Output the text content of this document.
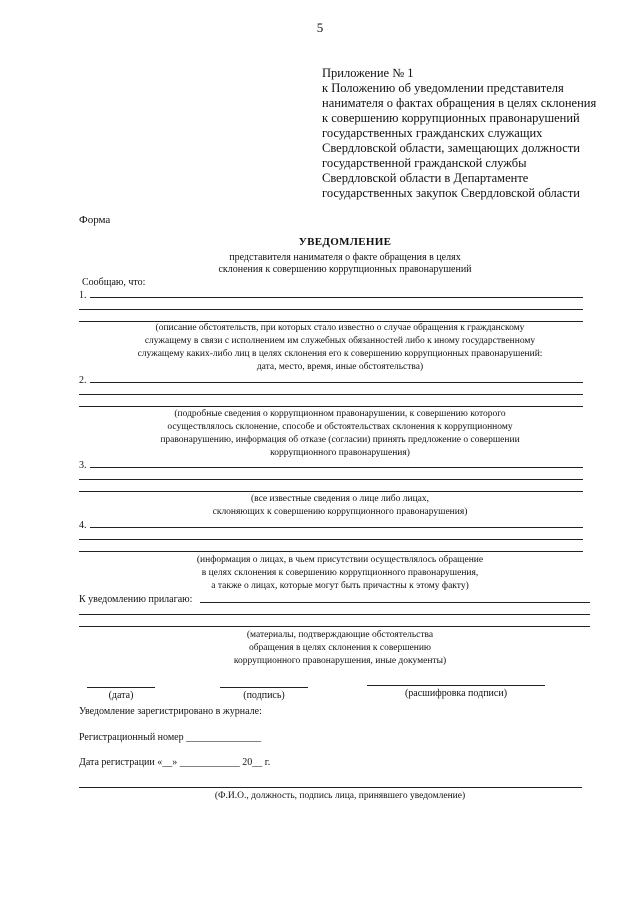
5
Приложение № 1
к Положению об уведомлении представителя
нанимателя о фактах обращения в целях склонения
к совершению коррупционных правонарушений
государственных гражданских служащих
Свердловской области, замещающих должности
государственной гражданской службы
Свердловской области в Департаменте
государственных закупок Свердловской области
Форма
УВЕДОМЛЕНИЕ
представителя нанимателя о факте обращения в целях
склонения к совершению коррупционных правонарушений
Сообщаю, что:
1.
(описание обстоятельств, при которых стало известно о случае обращения к гражданскому
служащему в связи с исполнением им служебных обязанностей либо к иному государственному
служащему каких-либо лиц в целях склонения его к совершению коррупционных правонарушений:
дата, место, время, иные обстоятельства)
2.
(подробные сведения о коррупционном правонарушении, к совершению которого
осуществлялось склонение, способе и обстоятельствах склонения к коррупционному
правонарушению, информация об отказе (согласии) принять предложение о совершении
коррупционного правонарушения)
3.
(все известные сведения о лице либо лицах,
склоняющих к совершению коррупционного правонарушения)
4.
(информация о лицах, в чьем присутствии осуществлялось обращение
в целях склонения к совершению коррупционного правонарушения,
а также о лицах, которые могут быть причастны к этому факту)
К уведомлению прилагаю:
(материалы, подтверждающие обстоятельства
обращения в целях склонения к совершению
коррупционного правонарушения, иные документы)
(дата)	(подпись)	(расшифровка подписи)
Уведомление зарегистрировано в журнале:
Регистрационный номер _______________
Дата регистрации «__» ____________ 20__ г.
(Ф.И.О., должность, подпись лица, принявшего уведомление)
